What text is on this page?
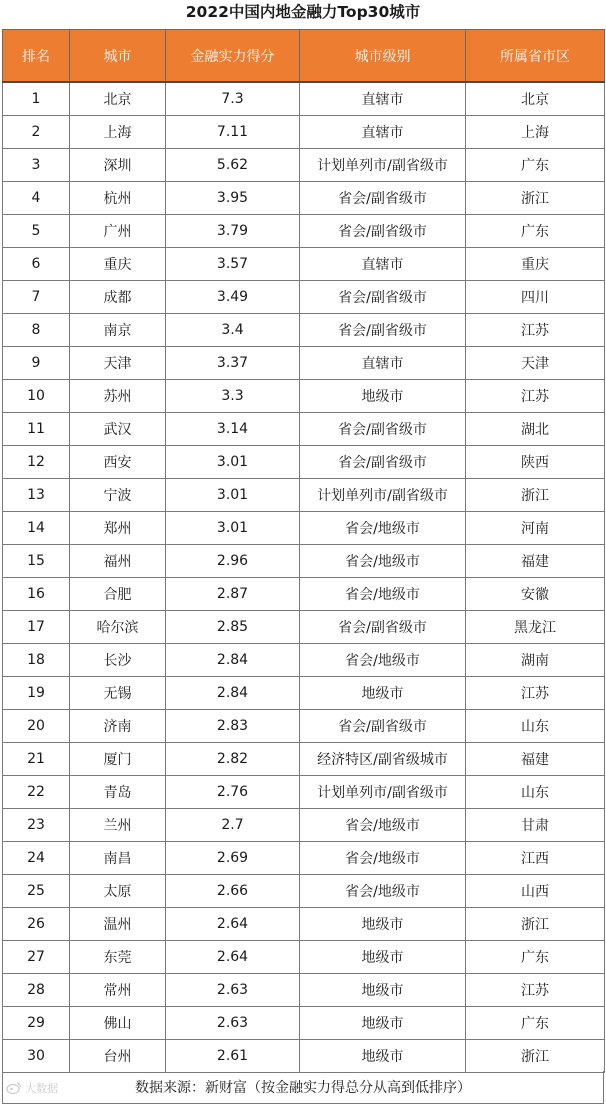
2022中国内地金融力Top30城市
排名	城市	金融实力得分	城市级别	所属省市区
1	北京	7.3	直辖市	北京
2	上海	7.11	直辖市	上海
3	深圳	5.62	计划单列市/副省级市	广东
4	杭州	3.95	省会/副省级市	浙江
5	广州	3.79	省会/副省级市	广东
6	重庆	3.57	直辖市	重庆
7	成都	3.49	省会/副省级市	四川
8	南京	3.4	省会/副省级市	江苏
9	天津	3.37	直辖市	天津
10	苏州	3.3	地级市	江苏
11	武汉	3.14	省会/副省级市	湖北
12	西安	3.01	省会/副省级市	陕西
13	宁波	3.01	计划单列市/副省级市	浙江
14	郑州	3.01	省会/地级市	河南
15	福州	2.96	省会/地级市	福建
16	合肥	2.87	省会/地级市	安徽
17	哈尔滨	2.85	省会/副省级市	黑龙江
18	长沙	2.84	省会/地级市	湖南
19	无锡	2.84	地级市	江苏
20	济南	2.83	省会/副省级市	山东
21	厦门	2.82	经济特区/副省级城市	福建
22	青岛	2.76	计划单列市/副省级市	山东
23	兰州	2.7	省会/地级市	甘肃
24	南昌	2.69	省会/地级市	江西
25	太原	2.66	省会/地级市	山西
26	温州	2.64	地级市	浙江
27	东莞	2.64	地级市	广东
28	常州	2.63	地级市	江苏
29	佛山	2.63	地级市	广东
30	台州	2.61	地级市	浙江
数据来源：新财富（按金融实力得总分从高到低排序）
大数据
